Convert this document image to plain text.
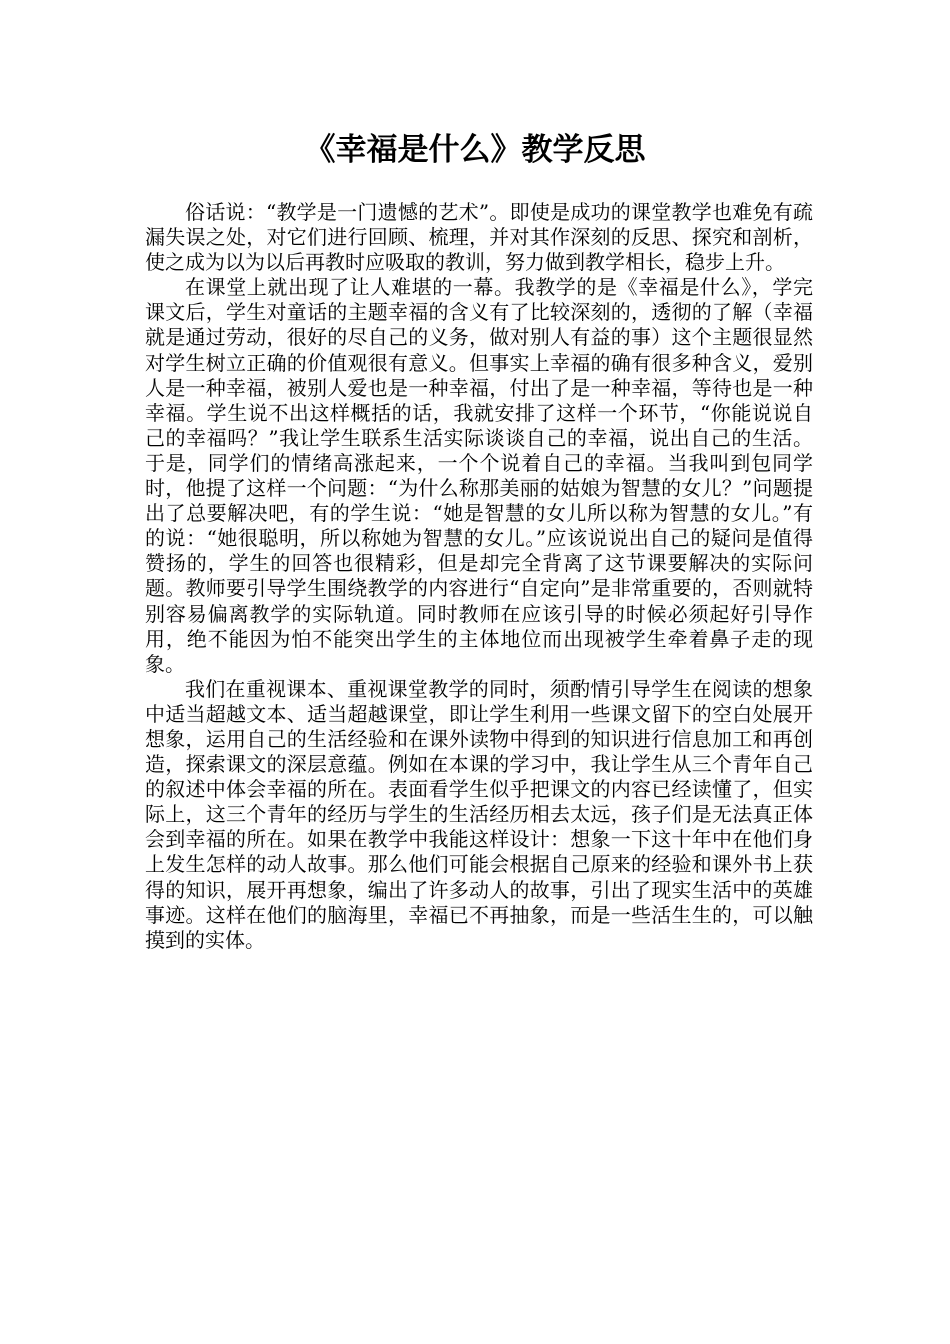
《幸福是什么》教学反思

俗话说：“教学是一门遗憾的艺术”。即使是成功的课堂教学也难免有疏漏失误之处，对它们进行回顾、梳理，并对其作深刻的反思、探究和剖析，使之成为以为以后再教时应吸取的教训，努力做到教学相长，稳步上升。

在课堂上就出现了让人难堪的一幕。我教学的是《幸福是什么》，学完课文后，学生对童话的主题幸福的含义有了比较深刻的，透彻的了解（幸福就是通过劳动，很好的尽自己的义务，做对别人有益的事）这个主题很显然对学生树立正确的价值观很有意义。但事实上幸福的确有很多种含义，爱别人是一种幸福，被别人爱也是一种幸福，付出了是一种幸福，等待也是一种幸福。学生说不出这样概括的话，我就安排了这样一个环节，“你能说说自己的幸福吗？”我让学生联系生活实际谈谈自己的幸福，说出自己的生活。于是，同学们的情绪高涨起来，一个个说着自己的幸福。当我叫到包同学时，他提了这样一个问题：“为什么称那美丽的姑娘为智慧的女儿？”问题提出了总要解决吧，有的学生说：“她是智慧的女儿所以称为智慧的女儿。”有的说：“她很聪明，所以称她为智慧的女儿。”应该说说出自己的疑问是值得赞扬的，学生的回答也很精彩，但是却完全背离了这节课要解决的实际问题。教师要引导学生围绕教学的内容进行“自定向”是非常重要的，否则就特别容易偏离教学的实际轨道。同时教师在应该引导的时候必须起好引导作用，绝不能因为怕不能突出学生的主体地位而出现被学生牵着鼻子走的现象。

我们在重视课本、重视课堂教学的同时，须酌情引导学生在阅读的想象中适当超越文本、适当超越课堂，即让学生利用一些课文留下的空白处展开想象，运用自己的生活经验和在课外读物中得到的知识进行信息加工和再创造，探索课文的深层意蕴。例如在本课的学习中，我让学生从三个青年自己的叙述中体会幸福的所在。表面看学生似乎把课文的内容已经读懂了，但实际上，这三个青年的经历与学生的生活经历相去太远，孩子们是无法真正体会到幸福的所在。如果在教学中我能这样设计：想象一下这十年中在他们身上发生怎样的动人故事。那么他们可能会根据自己原来的经验和课外书上获得的知识，展开再想象，编出了许多动人的故事，引出了现实生活中的英雄事迹。这样在他们的脑海里，幸福已不再抽象，而是一些活生生的，可以触摸到的实体。
